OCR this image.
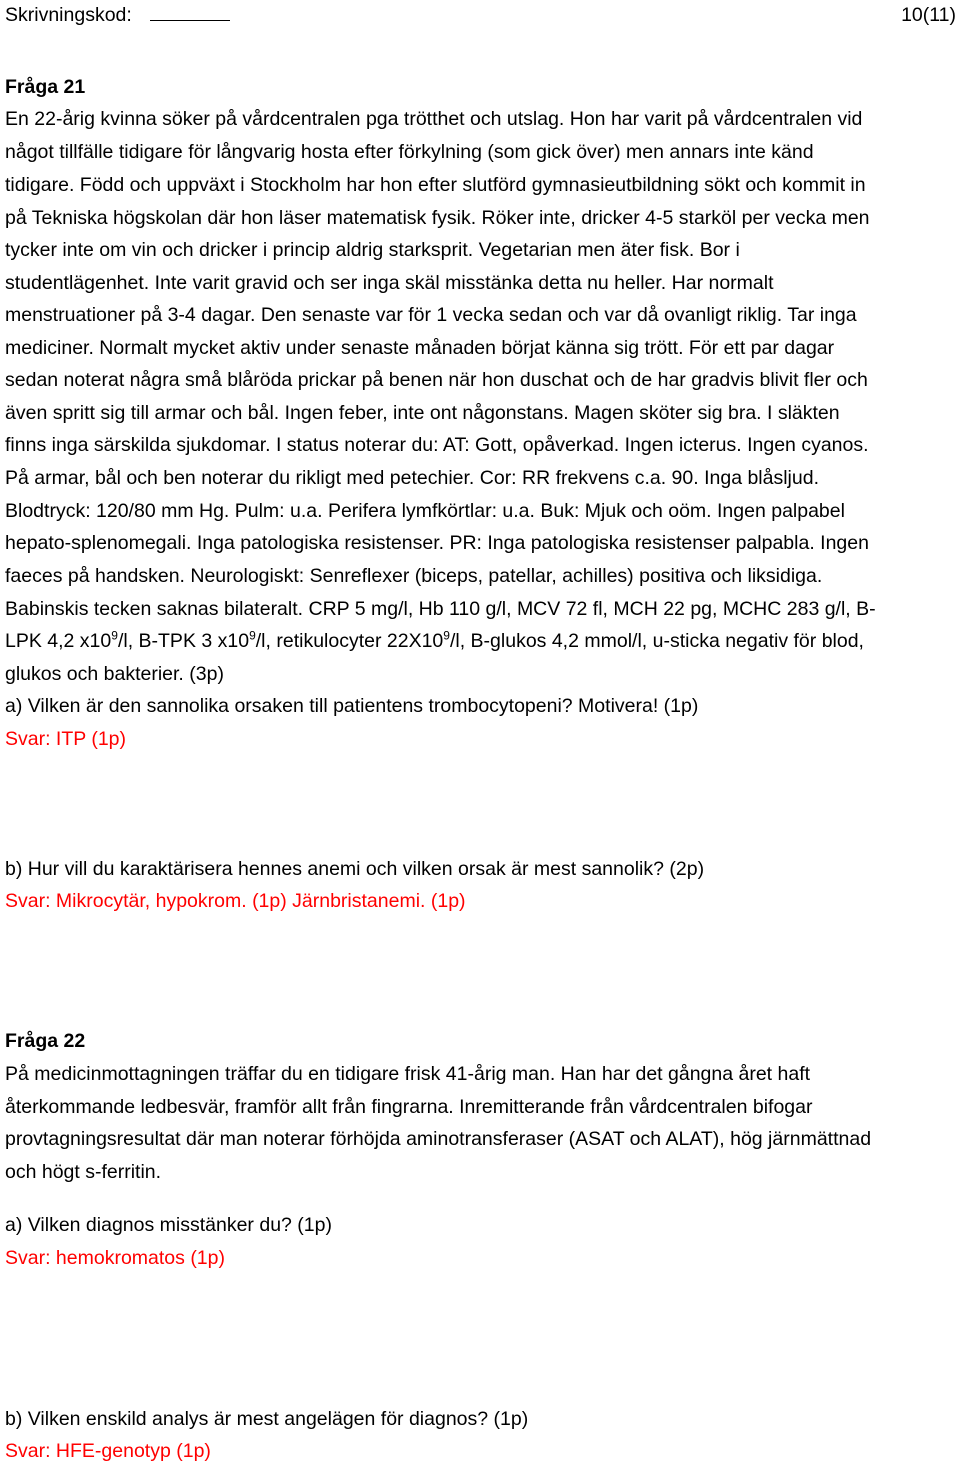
Skrivningskod:	10(11)
Fråga 21
En 22-årig kvinna söker på vårdcentralen pga trötthet och utslag. Hon har varit på vårdcentralen vid
något tillfälle tidigare för långvarig hosta efter förkylning (som gick över) men annars inte känd
tidigare. Född och uppväxt i Stockholm har hon efter slutförd gymnasieutbildning sökt och kommit in
på Tekniska högskolan där hon läser matematisk fysik. Röker inte, dricker 4-5 starköl per vecka men
tycker inte om vin och dricker i princip aldrig starksprit. Vegetarian men äter fisk. Bor i
studentlägenhet. Inte varit gravid och ser inga skäl misstänka detta nu heller. Har normalt
menstruationer på 3-4 dagar. Den senaste var för 1 vecka sedan och var då ovanligt riklig. Tar inga
mediciner. Normalt mycket aktiv under senaste månaden börjat känna sig trött. För ett par dagar
sedan noterat några små blåröda prickar på benen när hon duschat och de har gradvis blivit fler och
även spritt sig till armar och bål. Ingen feber, inte ont någonstans. Magen sköter sig bra. I släkten
finns inga särskilda sjukdomar. I status noterar du: AT: Gott, opåverkad. Ingen icterus. Ingen cyanos.
På armar, bål och ben noterar du rikligt med petechier. Cor: RR frekvens c.a. 90. Inga blåsljud.
Blodtryck: 120/80 mm Hg. Pulm: u.a. Perifera lymfkörtlar: u.a. Buk: Mjuk och oöm. Ingen palpabel
hepato-splenomegali. Inga patologiska resistenser. PR: Inga patologiska resistenser palpabla. Ingen
faeces på handsken. Neurologiskt: Senreflexer (biceps, patellar, achilles) positiva och liksidiga.
Babinskis tecken saknas bilateralt. CRP 5 mg/l, Hb 110 g/l, MCV 72 fl, MCH 22 pg, MCHC 283 g/l, B-
LPK 4,2 $x10^9/l$, B-TPK 3 $x10^9/l$, retikulocyter $22X10^9/l$, B-glukos 4,2 mmol/l, u-sticka negativ för blod,
glukos och bakterier. (3p)
a) Vilken är den sannolika orsaken till patientens trombocytopeni? Motivera! (1p)
Svar: ITP (1p)
b) Hur vill du karaktärisera hennes anemi och vilken orsak är mest sannolik? (2p)
Svar: Mikrocytär, hypokrom. (1p) Järnbristanemi. (1p)
Fråga 22
På medicinmottagningen träffar du en tidigare frisk 41-årig man. Han har det gångna året haft
återkommande ledbesvär, framför allt från fingrarna. Inremitterande från vårdcentralen bifogar
provtagningsresultat där man noterar förhöjda aminotransferaser (ASAT och ALAT), hög järnmättnad
och högt s-ferritin.
a) Vilken diagnos misstänker du? (1p)
Svar: hemokromatos (1p)
b) Vilken enskild analys är mest angelägen för diagnos? (1p)
Svar: HFE-genotyp (1p)
